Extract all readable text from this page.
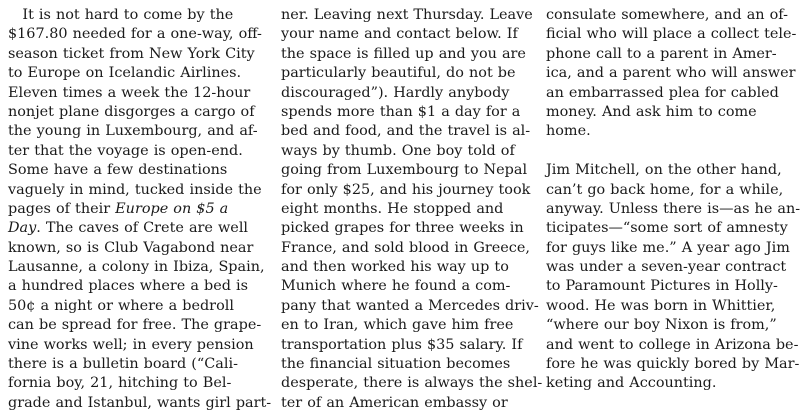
 It is not hard to come by the
$167.80 needed for a one-way, off-
season ticket from New York City
to Europe on Icelandic Airlines.
Eleven times a week the 12-hour
nonjet plane disgorges a cargo of
the young in Luxembourg, and af-
ter that the voyage is open-end.
Some have a few destinations
vaguely in mind, tucked inside the
pages of their Europe on $5 a
Day. The caves of Crete are well
known, so is Club Vagabond near
Lausanne, a colony in Ibiza, Spain,
a hundred places where a bed is
50¢ a night or where a bedroll
can be spread for free. The grape-
vine works well; in every pension
there is a bulletin board (“Cali-
fornia boy, 21, hitching to Bel-
grade and Istanbul, wants girl part-
ner. Leaving next Thursday. Leave
your name and contact below. If
the space is filled up and you are
particularly beautiful, do not be
discouraged”). Hardly anybody
spends more than $1 a day for a
bed and food, and the travel is al-
ways by thumb. One boy told of
going from Luxembourg to Nepal
for only $25, and his journey took
eight months. He stopped and
picked grapes for three weeks in
France, and sold blood in Greece,
and then worked his way up to
Munich where he found a com-
pany that wanted a Mercedes driv-
en to Iran, which gave him free
transportation plus $35 salary. If
the financial situation becomes
desperate, there is always the shel-
ter of an American embassy or
consulate somewhere, and an of-
ficial who will place a collect tele-
phone call to a parent in Amer-
ica, and a parent who will answer
an embarrassed plea for cabled
money. And ask him to come
home.
Jim Mitchell, on the other hand,
can’t go back home, for a while,
anyway. Unless there is—as he an-
ticipates—“some sort of amnesty
for guys like me.” A year ago Jim
was under a seven-year contract
to Paramount Pictures in Holly-
wood. He was born in Whittier,
“where our boy Nixon is from,”
and went to college in Arizona be-
fore he was quickly bored by Mar-
keting and Accounting.
